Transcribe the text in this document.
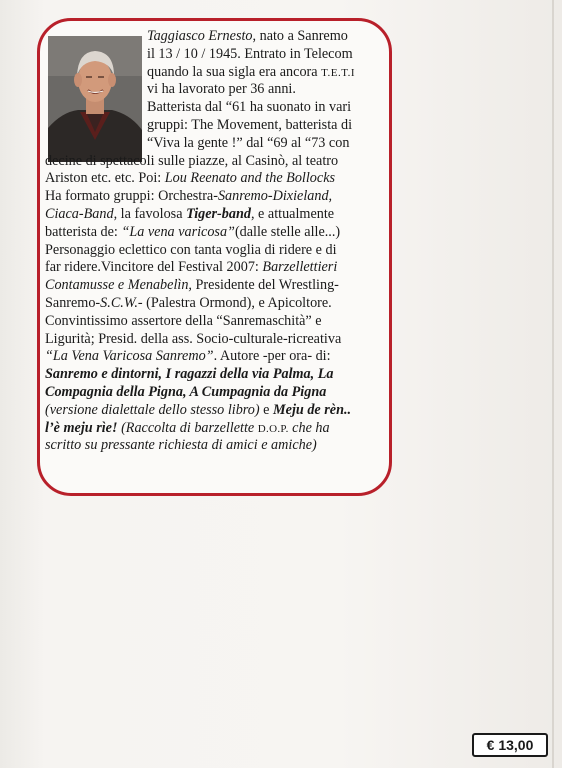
Taggiasco Ernesto, nato a Sanremo
il 13 / 10 / 1945. Entrato in Telecom
quando la sua sigla era ancora T.E.T.I
vi ha lavorato per 36 anni.
Batterista dal “61 ha suonato in vari
gruppi: The Movement, batterista di
“Viva la gente !” dal “69 al “73 con
decine di spettacoli sulle piazze, al Casinò, al teatro
Ariston etc. etc. Poi: Lou Reenato and the Bollocks
Ha formato gruppi: Orchestra-Sanremo-Dixieland,
Ciaca-Band, la favolosa Tiger-band, e attualmente
batterista de: “La vena varicosa”(dalle stelle alle...)
Personaggio eclettico con tanta voglia di ridere e di
far ridere.Vincitore del Festival 2007: Barzellettieri
Contamusse e Menabelìn, Presidente del Wrestling-
Sanremo-S.C.W.- (Palestra Ormond), e Apicoltore.
Convintissimo assertore della “Sanremaschità” e
Ligurità; Presid. della ass. Socio-culturale-ricreativa
“La Vena Varicosa Sanremo”. Autore -per ora- di:
Sanremo e dintorni, I ragazzi della via Palma, La
Compagnia della Pigna, A Cumpagnia da Pigna
(versione dialettale dello stesso libro) e Meju de rèn..
l’è meju rìe! (Raccolta di barzellette D.O.P. che ha
scritto su pressante richiesta di amici e amiche)
€ 13,00
